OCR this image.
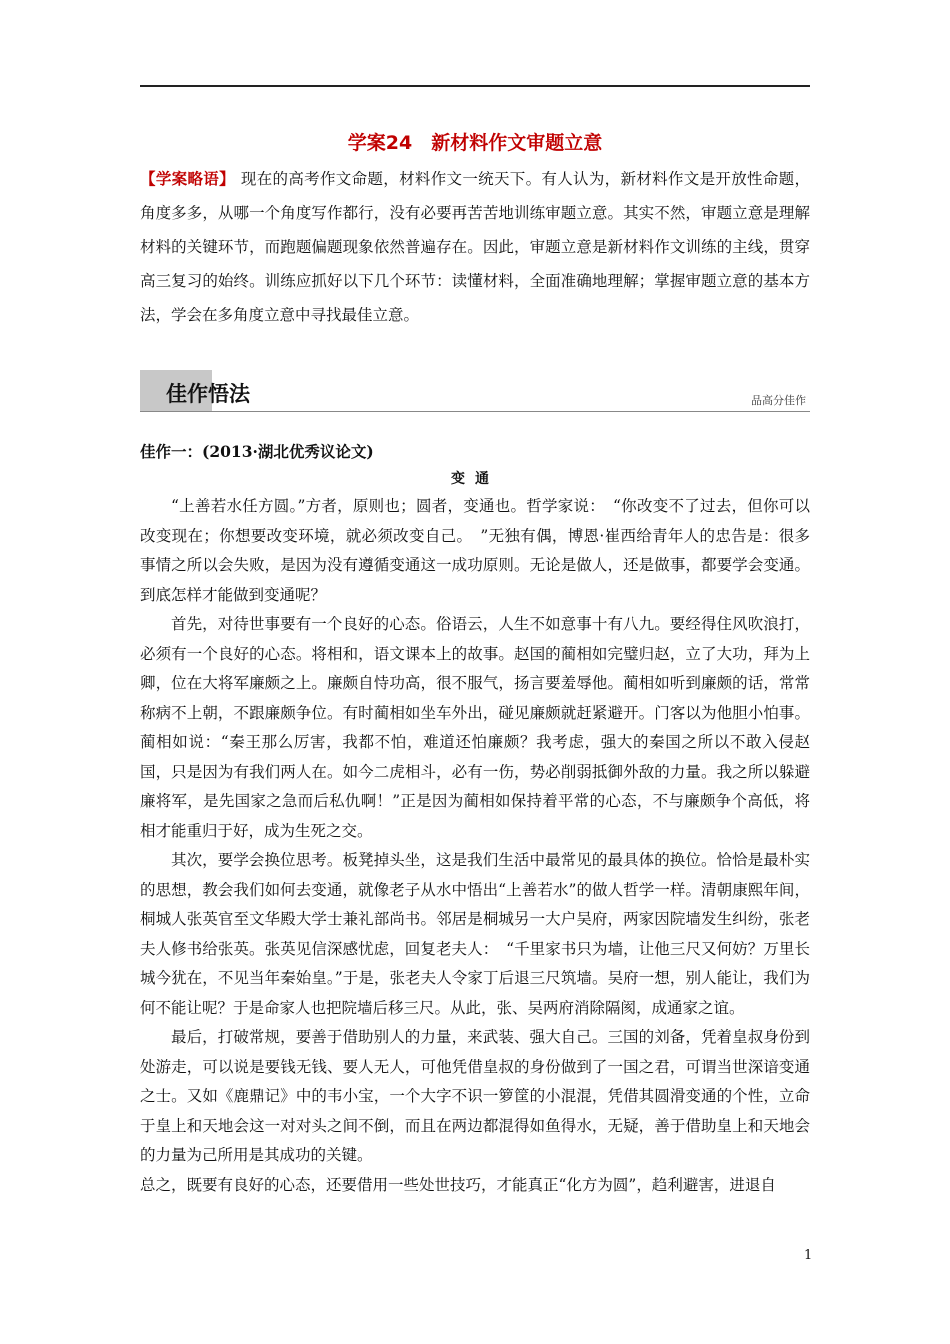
学案24　新材料作文审题立意
【学案略语】 现在的高考作文命题，材料作文一统天下。有人认为，新材料作文是开放性命题，角度多多，从哪一个角度写作都行，没有必要再苦苦地训练审题立意。其实不然，审题立意是理解材料的关键环节，而跑题偏题现象依然普遍存在。因此，审题立意是新材料作文训练的主线，贯穿高三复习的始终。训练应抓好以下几个环节：读懂材料，全面准确地理解；掌握审题立意的基本方法，学会在多角度立意中寻找最佳立意。
佳作悟法	品高分佳作
佳作一：(2013·湖北优秀议论文)
变通

“上善若水任方圆。”方者，原则也；圆者，变通也。哲学家说：　“你改变不了过去，但你可以改变现在；你想要改变环境，就必须改变自己。　”无独有偶，博恩·崔西给青年人的忠告是：很多事情之所以会失败，是因为没有遵循变通这一成功原则。无论是做人，还是做事，都要学会变通。到底怎样才能做到变通呢？

首先，对待世事要有一个良好的心态。俗语云，人生不如意事十有八九。要经得住风吹浪打，必须有一个良好的心态。将相和，语文课本上的故事。赵国的蔺相如完璧归赵，立了大功，拜为上卿，位在大将军廉颇之上。廉颇自恃功高，很不服气，扬言要羞辱他。蔺相如听到廉颇的话，常常称病不上朝，不跟廉颇争位。有时蔺相如坐车外出，碰见廉颇就赶紧避开。门客以为他胆小怕事。蔺相如说：“秦王那么厉害，我都不怕，难道还怕廉颇？我考虑，强大的秦国之所以不敢入侵赵国，只是因为有我们两人在。如今二虎相斗，必有一伤，势必削弱抵御外敌的力量。我之所以躲避廉将军，是先国家之急而后私仇啊！”正是因为蔺相如保持着平常的心态，不与廉颇争个高低，将相才能重归于好，成为生死之交。

其次，要学会换位思考。板凳掉头坐，这是我们生活中最常见的最具体的换位。恰恰是最朴实的思想，教会我们如何去变通，就像老子从水中悟出“上善若水”的做人哲学一样。清朝康熙年间，桐城人张英官至文华殿大学士兼礼部尚书。邻居是桐城另一大户吴府，两家因院墙发生纠纷，张老夫人修书给张英。张英见信深感忧虑，回复老夫人：　“千里家书只为墙，让他三尺又何妨？万里长城今犹在，不见当年秦始皇。”于是，张老夫人令家丁后退三尺筑墙。吴府一想，别人能让，我们为何不能让呢？于是命家人也把院墙后移三尺。从此，张、吴两府消除隔阂，成通家之谊。

最后，打破常规，要善于借助别人的力量，来武装、强大自己。三国的刘备，凭着皇叔身份到处游走，可以说是要钱无钱、要人无人，可他凭借皇叔的身份做到了一国之君，可谓当世深谙变通之士。又如《鹿鼎记》中的韦小宝，一个大字不识一箩筐的小混混，凭借其圆滑变通的个性，立命于皇上和天地会这一对对头之间不倒，而且在两边都混得如鱼得水，无疑，善于借助皇上和天地会的力量为己所用是其成功的关键。

总之，既要有良好的心态，还要借用一些处世技巧，才能真正“化方为圆”，趋利避害，进退自

1
